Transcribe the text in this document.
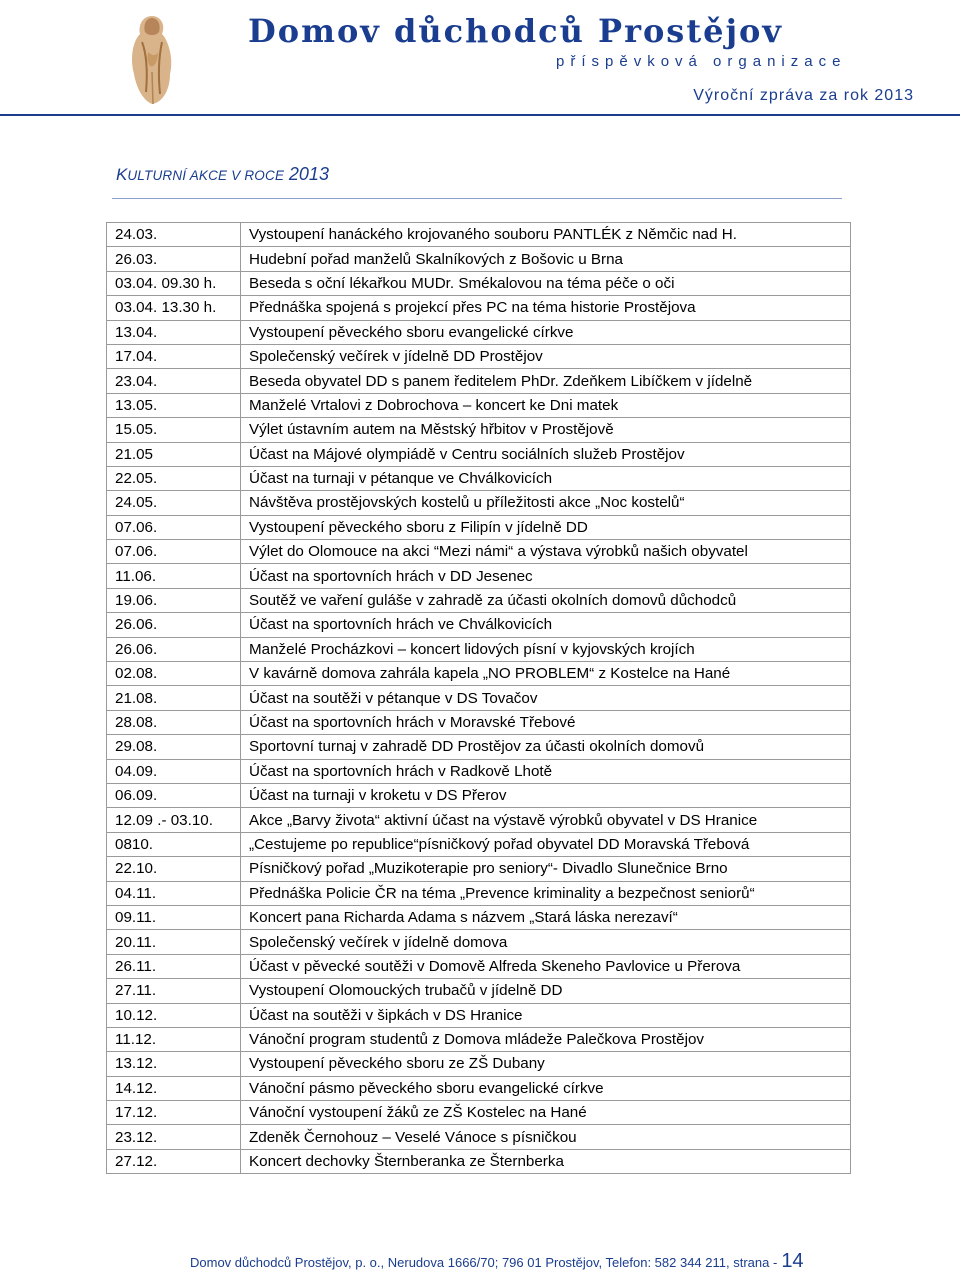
Domov důchodců Prostějov
příspěvková organizace
Výroční zpráva za rok 2013
KULTURNÍ AKCE V ROCE 2013
24.03.	Vystoupení hanáckého krojovaného souboru PANTLÉK z Němčic nad H.
26.03.	Hudební pořad manželů Skalníkových z Bošovic u Brna
03.04. 09.30 h.	Beseda s oční lékařkou MUDr. Smékalovou na téma péče o oči
03.04. 13.30 h.	Přednáška spojená s projekcí přes PC na téma historie Prostějova
13.04.	Vystoupení pěveckého sboru evangelické církve
17.04.	Společenský večírek v jídelně DD Prostějov
23.04.	Beseda obyvatel DD s panem ředitelem PhDr. Zdeňkem Libíčkem v jídelně
13.05.	Manželé Vrtalovi z Dobrochova – koncert ke Dni matek
15.05.	Výlet ústavním autem na Městský hřbitov v Prostějově
21.05	Účast na Májové olympiádě v Centru sociálních služeb Prostějov
22.05.	Účast na turnaji v pétanque ve Chválkovicích
24.05.	Návštěva prostějovských kostelů u příležitosti akce „Noc kostelů“
07.06.	Vystoupení pěveckého sboru z Filipín v jídelně DD
07.06.	Výlet do Olomouce na akci “Mezi námi“ a výstava výrobků našich obyvatel
11.06.	Účast na sportovních hrách v DD Jesenec
19.06.	Soutěž ve vaření guláše v zahradě za účasti okolních domovů důchodců
26.06.	Účast na sportovních hrách ve Chválkovicích
26.06.	Manželé Procházkovi – koncert lidových písní v kyjovských krojích
02.08.	V kavárně domova zahrála kapela „NO PROBLEM“ z Kostelce na Hané
21.08.	Účast na soutěži v pétanque v DS Tovačov
28.08.	Účast na sportovních hrách v Moravské Třebové
29.08.	Sportovní turnaj v zahradě DD Prostějov za účasti okolních domovů
04.09.	Účast na sportovních hrách v Radkově Lhotě
06.09.	Účast na turnaji v kroketu v DS Přerov
12.09 .- 03.10.	Akce „Barvy života“ aktivní účast na výstavě výrobků obyvatel v DS Hranice
0810.	„Cestujeme po republice“písničkový pořad obyvatel DD Moravská Třebová
22.10.	Písničkový pořad „Muzikoterapie pro seniory“- Divadlo Slunečnice Brno
04.11.	Přednáška Policie ČR na téma „Prevence kriminality a bezpečnost seniorů“
09.11.	Koncert pana Richarda Adama s názvem „Stará láska nerezaví“
20.11.	Společenský večírek v jídelně domova
26.11.	Účast v pěvecké soutěži v Domově Alfreda Skeneho Pavlovice u Přerova
27.11.	Vystoupení Olomouckých trubačů v jídelně DD
10.12.	Účast na soutěži v šipkách v DS Hranice
11.12.	Vánoční program studentů z Domova mládeže Palečkova Prostějov
13.12.	Vystoupení pěveckého sboru ze ZŠ Dubany
14.12.	Vánoční pásmo pěveckého sboru evangelické církve
17.12.	Vánoční vystoupení žáků ze ZŠ Kostelec na Hané
23.12.	Zdeněk Černohouz – Veselé Vánoce s písničkou
27.12.	Koncert dechovky Šternberanka ze Šternberka
Domov důchodců Prostějov, p. o., Nerudova 1666/70; 796 01 Prostějov, Telefon: 582 344 211, strana - 14
